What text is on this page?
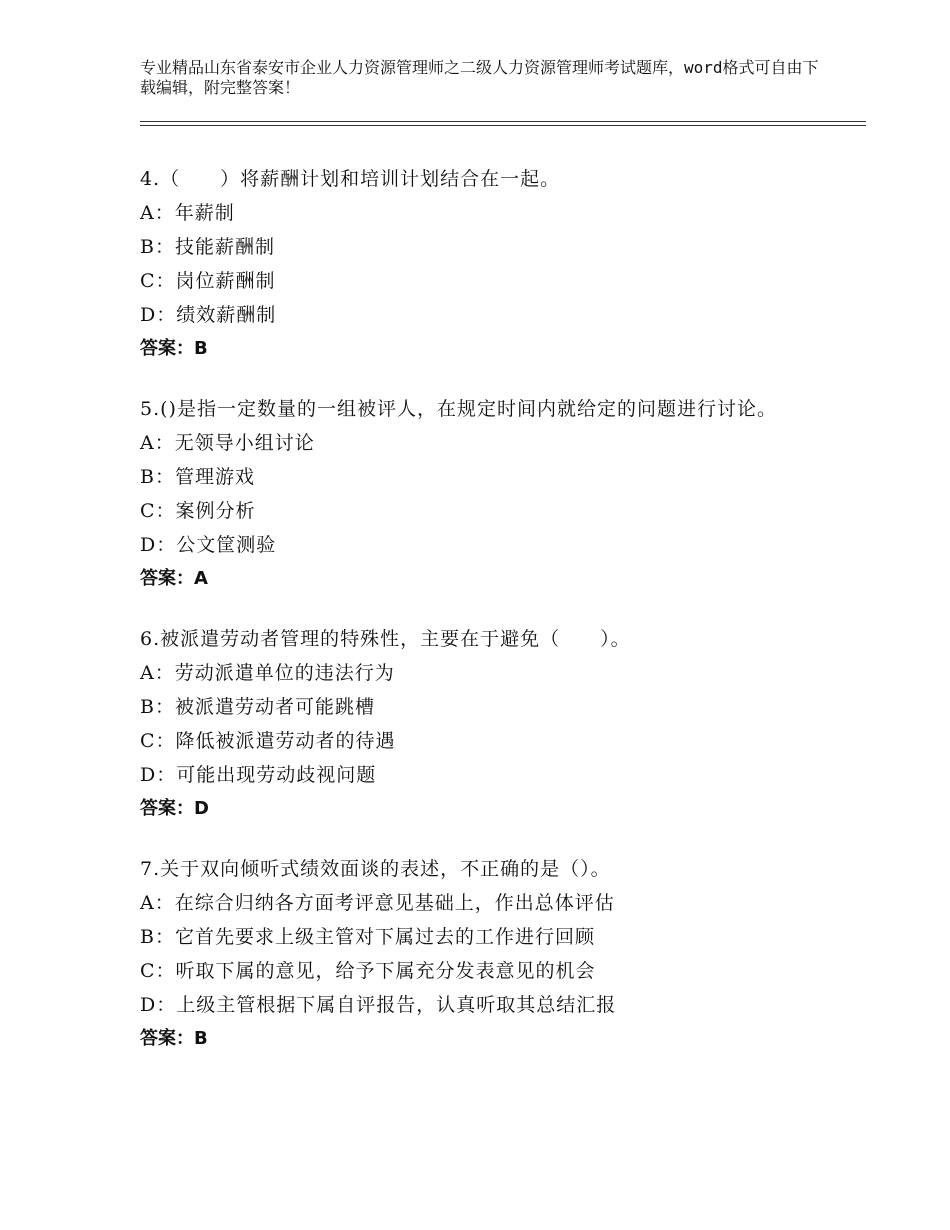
专业精品山东省泰安市企业人力资源管理师之二级人力资源管理师考试题库，word格式可自由下载编辑，附完整答案！
4.（　　）将薪酬计划和培训计划结合在一起。
A：年薪制
B：技能薪酬制
C：岗位薪酬制
D：绩效薪酬制
答案：B
5.()是指一定数量的一组被评人，在规定时间内就给定的问题进行讨论。
A：无领导小组讨论
B：管理游戏
C：案例分析
D：公文筐测验
答案：A
6.被派遣劳动者管理的特殊性，主要在于避免（　　）。
A：劳动派遣单位的违法行为
B：被派遣劳动者可能跳槽
C：降低被派遣劳动者的待遇
D：可能出现劳动歧视问题
答案：D
7.关于双向倾听式绩效面谈的表述，不正确的是（）。
A：在综合归纳各方面考评意见基础上，作出总体评估
B：它首先要求上级主管对下属过去的工作进行回顾
C：听取下属的意见，给予下属充分发表意见的机会
D：上级主管根据下属自评报告，认真听取其总结汇报
答案：B
